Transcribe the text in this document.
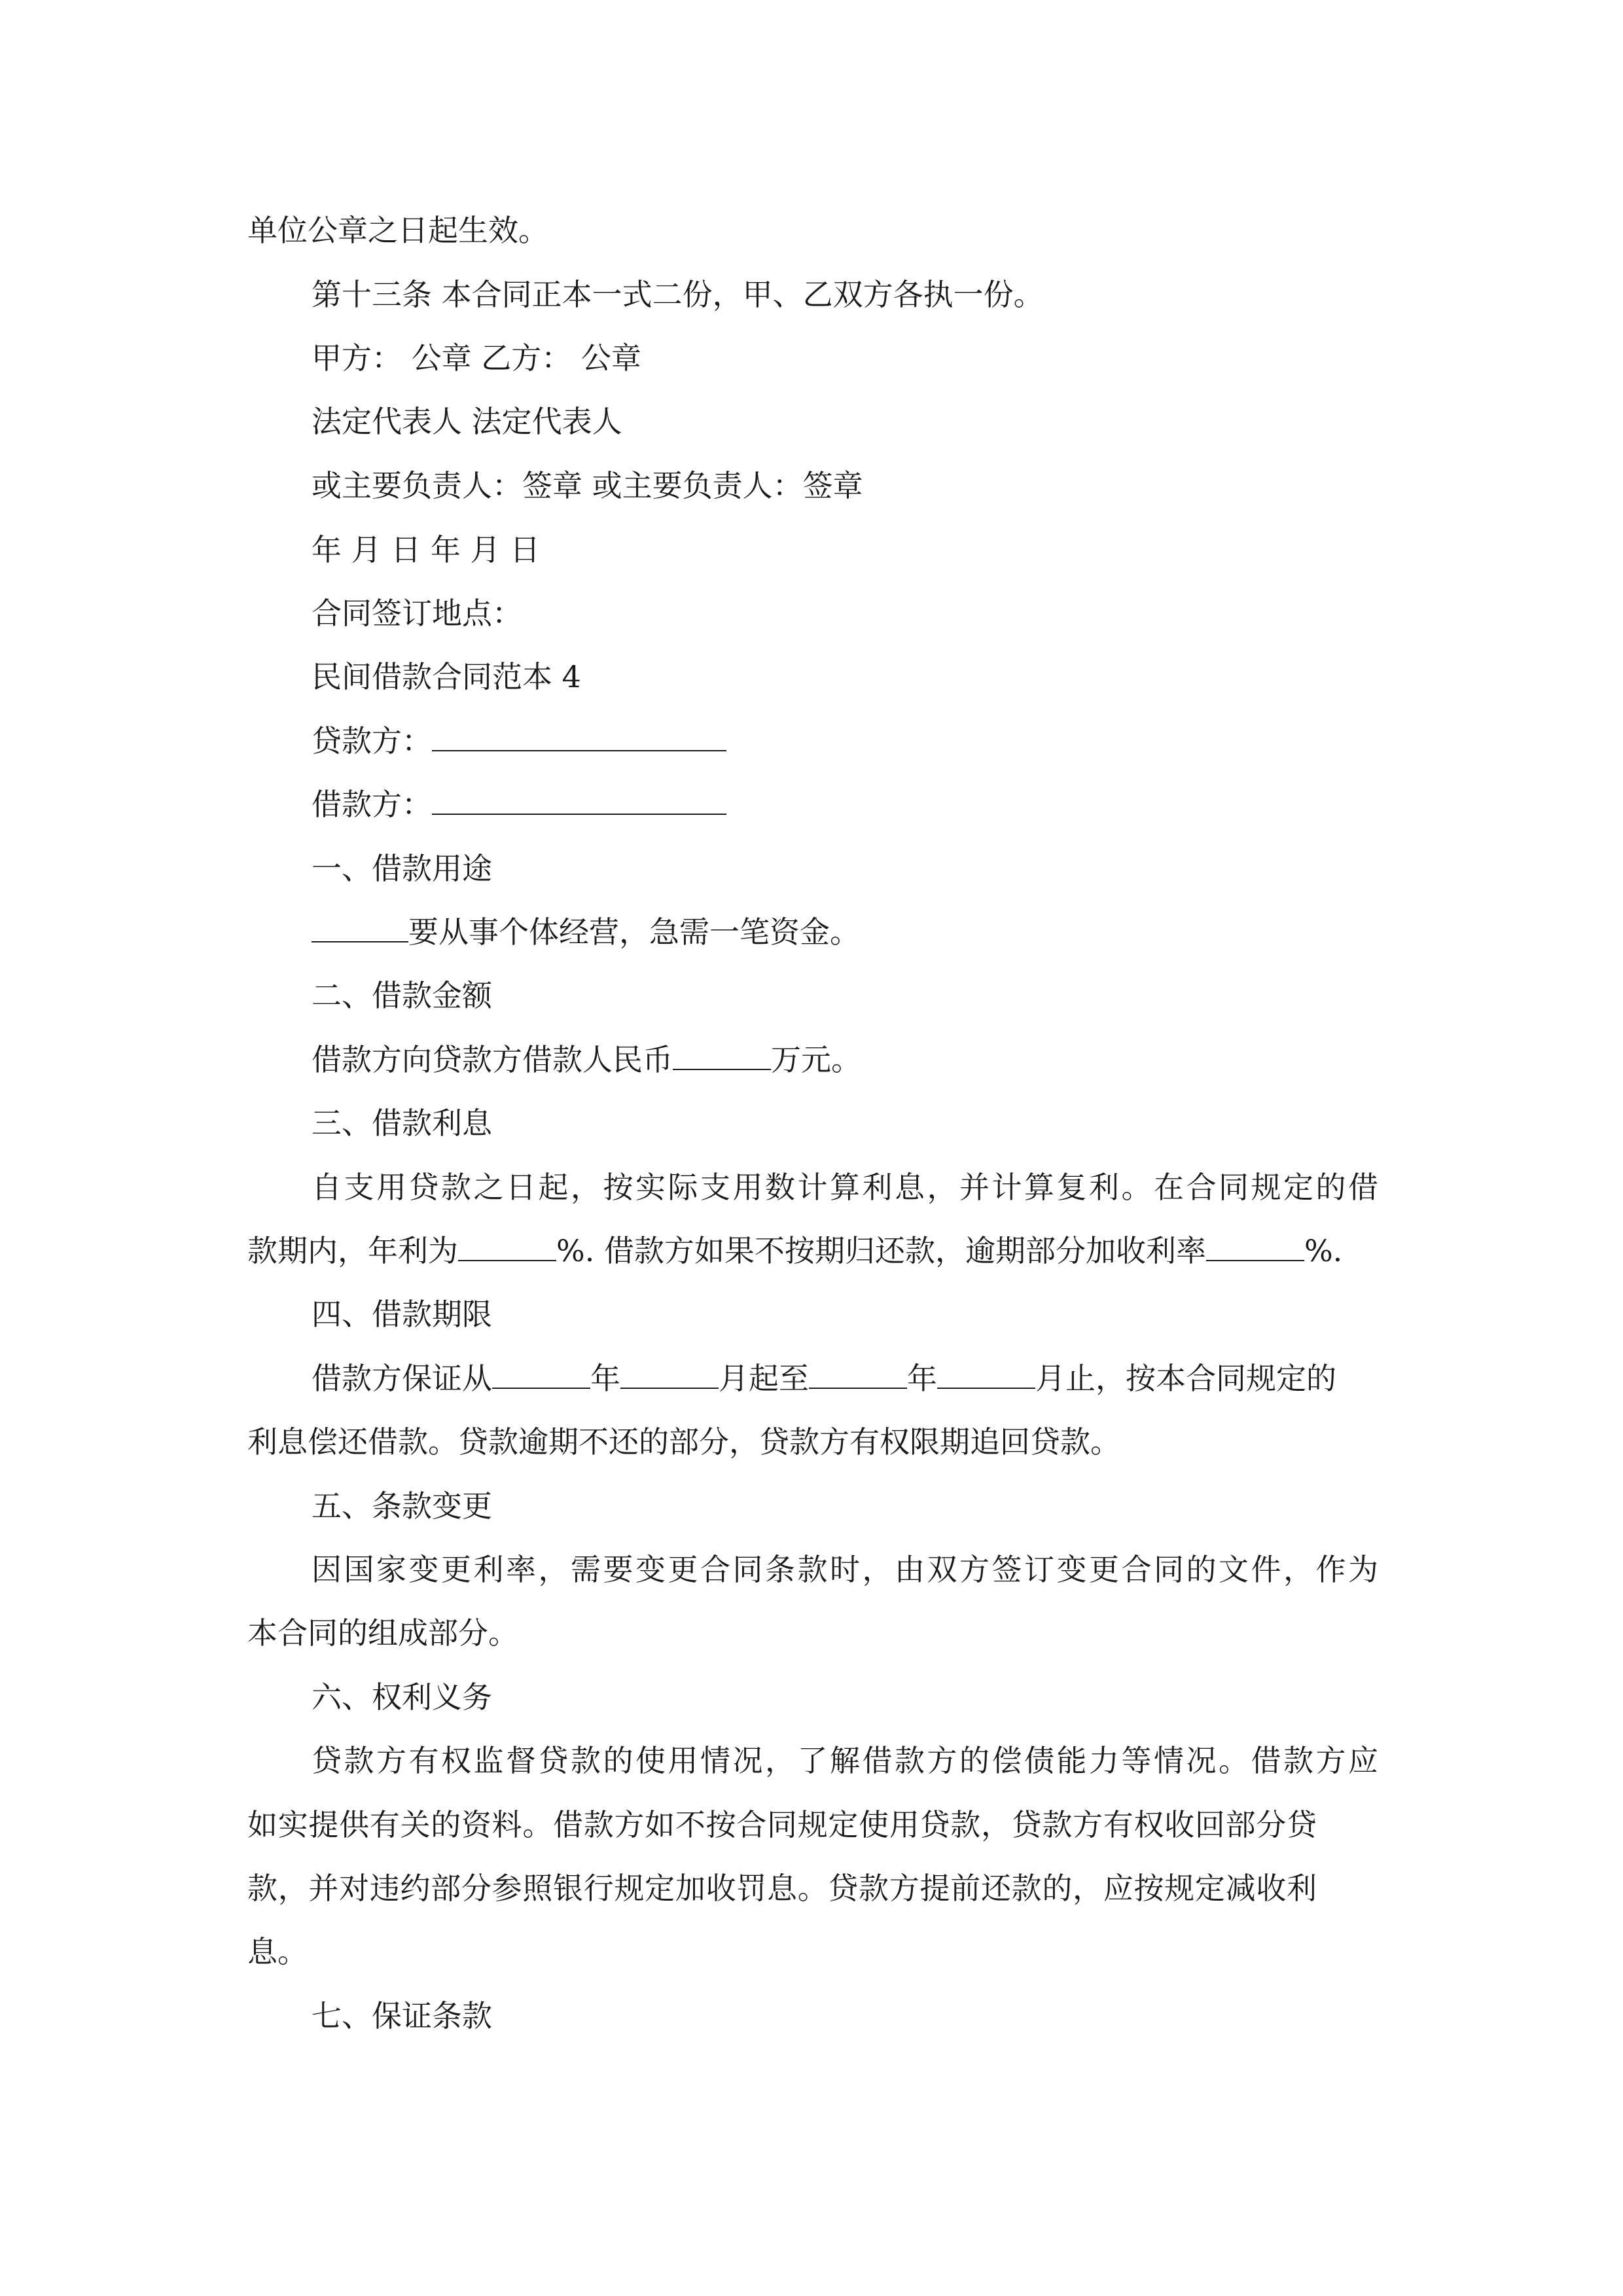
单位公章之日起生效。
第十三条 本合同正本一式二份，甲、乙双方各执一份。
甲方： 公章 乙方： 公章
法定代表人 法定代表人
或主要负责人：签章 或主要负责人：签章
年 月 日 年 月 日
合同签订地点：
民间借款合同范本 4
贷款方：
借款方：
一、借款用途
要从事个体经营，急需一笔资金。
二、借款金额
借款方向贷款方借款人民币	万元。
三、借款利息
自支用贷款之日起，按实际支用数计算利息，并计算复利。在合同规定的借
款期内，年利为	%. 借款方如果不按期归还款，逾期部分加收利率	%.
四、借款期限
借款方保证从	年	月起至	年	月止，按本合同规定的
利息偿还借款。贷款逾期不还的部分，贷款方有权限期追回贷款。
五、条款变更
因国家变更利率，需要变更合同条款时，由双方签订变更合同的文件，作为
本合同的组成部分。
六、权利义务
贷款方有权监督贷款的使用情况，了解借款方的偿债能力等情况。借款方应
如实提供有关的资料。借款方如不按合同规定使用贷款，贷款方有权收回部分贷
款，并对违约部分参照银行规定加收罚息。贷款方提前还款的，应按规定减收利
息。
七、保证条款
